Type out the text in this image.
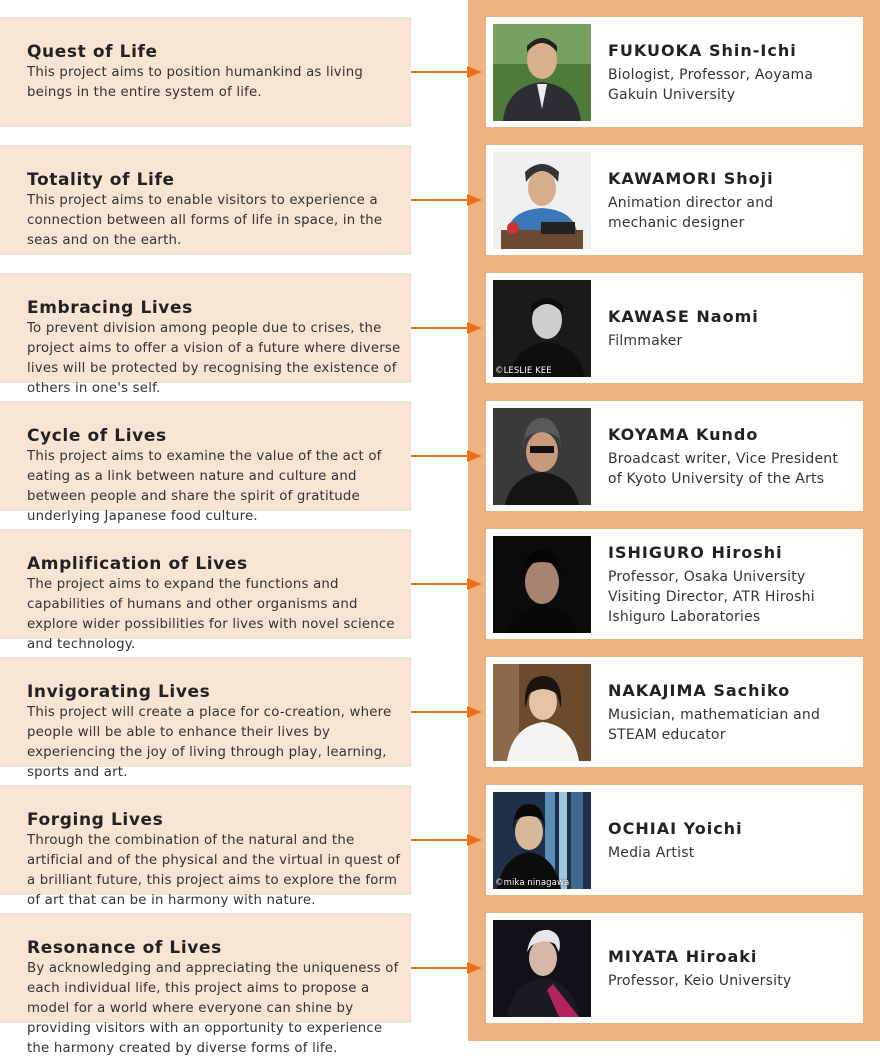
Quest of Life
This project aims to position humankind as living beings in the entire system of life.
FUKUOKA Shin-Ichi
Biologist, Professor, Aoyama
Gakuin University
Totality of Life
This project aims to enable visitors to experience a connection between all forms of life in space, in the seas and on the earth.
KAWAMORI Shoji
Animation director and
mechanic designer
Embracing Lives
To prevent division among people due to crises, the project aims to offer a vision of a future where diverse lives will be protected by recognising the existence of others in one's self.
©LESLIE KEE
KAWASE Naomi
Filmmaker
Cycle of Lives
This project aims to examine the value of the act of eating as a link between nature and culture and between people and share the spirit of gratitude underlying Japanese food culture.
KOYAMA Kundo
Broadcast writer, Vice President
of Kyoto University of the Arts
Amplification of Lives
The project aims to expand the functions and capabilities of humans and other organisms and explore wider possibilities for lives with novel science and technology.
ISHIGURO Hiroshi
Professor, Osaka University
Visiting Director, ATR Hiroshi
Ishiguro Laboratories
Invigorating Lives
This project will create a place for co-creation, where people will be able to enhance their lives by experiencing the joy of living through play, learning, sports and art.
NAKAJIMA Sachiko
Musician, mathematician and
STEAM educator
Forging Lives
Through the combination of the natural and the artificial and of the physical and the virtual in quest of a brilliant future, this project aims to explore the form of art that can be in harmony with nature.
©mika ninagawa
OCHIAI Yoichi
Media Artist
Resonance of Lives
By acknowledging and appreciating the uniqueness of each individual life, this project aims to propose a model for a world where everyone can shine by providing visitors with an opportunity to experience the harmony created by diverse forms of life.
MIYATA Hiroaki
Professor, Keio University
